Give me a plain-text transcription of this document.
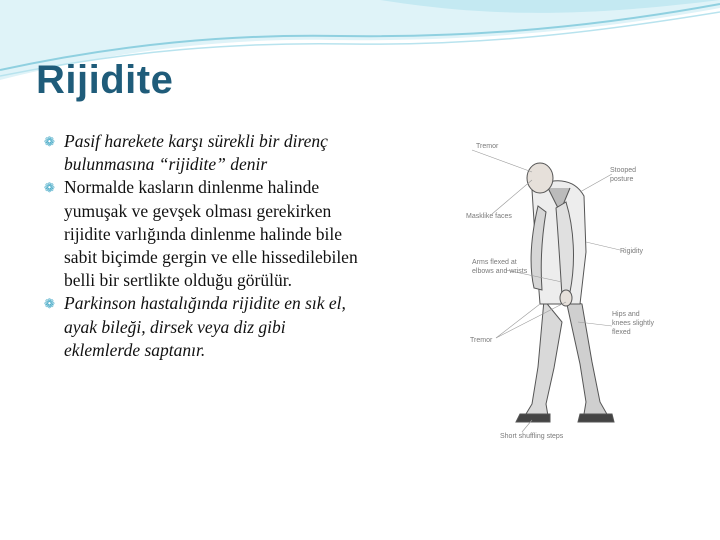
Rijidite
❁ Pasif harekete karşı sürekli bir direnç bulunmasına “rijidite” denir
❁ Normalde kasların dinlenme halinde yumuşak ve gevşek olması gerekirken rijidite varlığında dinlenme halinde bile sabit biçimde gergin ve elle hissedilebilen belli bir sertlikte olduğu görülür.
❁ Parkinson hastalığında rijidite en sık el, ayak bileği, dirsek veya diz gibi eklemlerde saptanır.
Tremor
Stooped
posture
Masklike faces
Rigidity
Arms flexed at
elbows and wrists
Tremor
Hips and
knees slightly
flexed
Short shuffling steps
